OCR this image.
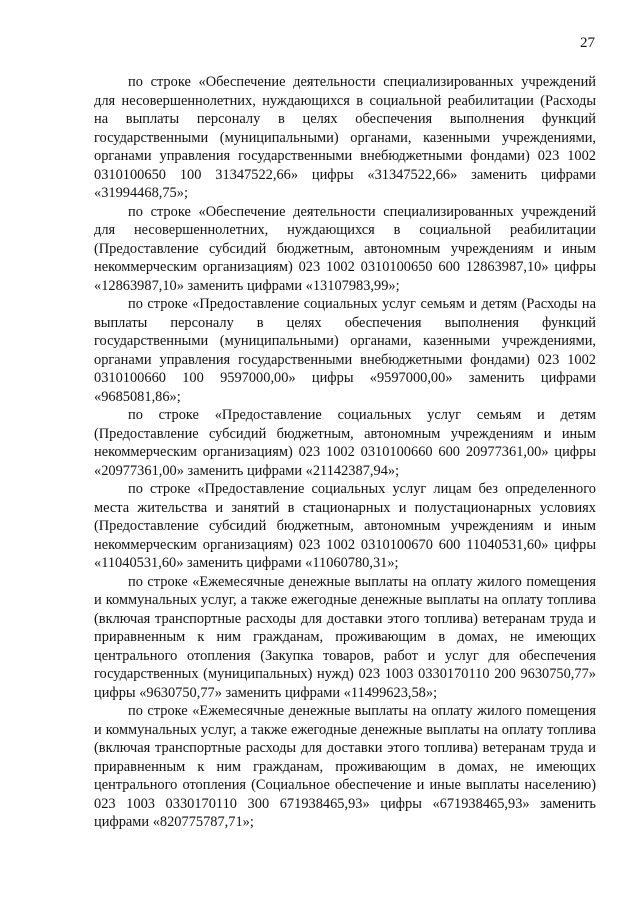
27

по строке «Обеспечение деятельности специализированных учреждений для несовершеннолетних, нуждающихся в социальной реабилитации (Расходы на выплаты персоналу в целях обеспечения выполнения функций государственными (муниципальными) органами, казенными учреждениями, органами управления государственными внебюджетными фондами) 023 1002 0310100650 100 31347522,66» цифры «31347522,66» заменить цифрами «31994468,75»;

по строке «Обеспечение деятельности специализированных учреждений для несовершеннолетних, нуждающихся в социальной реабилитации (Предоставление субсидий бюджетным, автономным учреждениям и иным некоммерческим организациям) 023 1002 0310100650 600 12863987,10» цифры «12863987,10» заменить цифрами «13107983,99»;

по строке «Предоставление социальных услуг семьям и детям (Расходы на выплаты персоналу в целях обеспечения выполнения функций государственными (муниципальными) органами, казенными учреждениями, органами управления государственными внебюджетными фондами) 023 1002 0310100660 100 9597000,00» цифры «9597000,00» заменить цифрами «9685081,86»;

по строке «Предоставление социальных услуг семьям и детям (Предоставление субсидий бюджетным, автономным учреждениям и иным некоммерческим организациям) 023 1002 0310100660 600 20977361,00» цифры «20977361,00» заменить цифрами «21142387,94»;

по строке «Предоставление социальных услуг лицам без определенного места жительства и занятий в стационарных и полустационарных условиях (Предоставление субсидий бюджетным, автономным учреждениям и иным некоммерческим организациям) 023 1002 0310100670 600 11040531,60» цифры «11040531,60» заменить цифрами «11060780,31»;

по строке «Ежемесячные денежные выплаты на оплату жилого помещения и коммунальных услуг, а также ежегодные денежные выплаты на оплату топлива (включая транспортные расходы для доставки этого топлива) ветеранам труда и приравненным к ним гражданам, проживающим в домах, не имеющих центрального отопления (Закупка товаров, работ и услуг для обеспечения государственных (муниципальных) нужд) 023 1003 0330170110 200 9630750,77» цифры «9630750,77» заменить цифрами «11499623,58»;

по строке «Ежемесячные денежные выплаты на оплату жилого помещения и коммунальных услуг, а также ежегодные денежные выплаты на оплату топлива (включая транспортные расходы для доставки этого топлива) ветеранам труда и приравненным к ним гражданам, проживающим в домах, не имеющих центрального отопления (Социальное обеспечение и иные выплаты населению) 023 1003 0330170110 300 671938465,93» цифры «671938465,93» заменить цифрами «820775787,71»;
